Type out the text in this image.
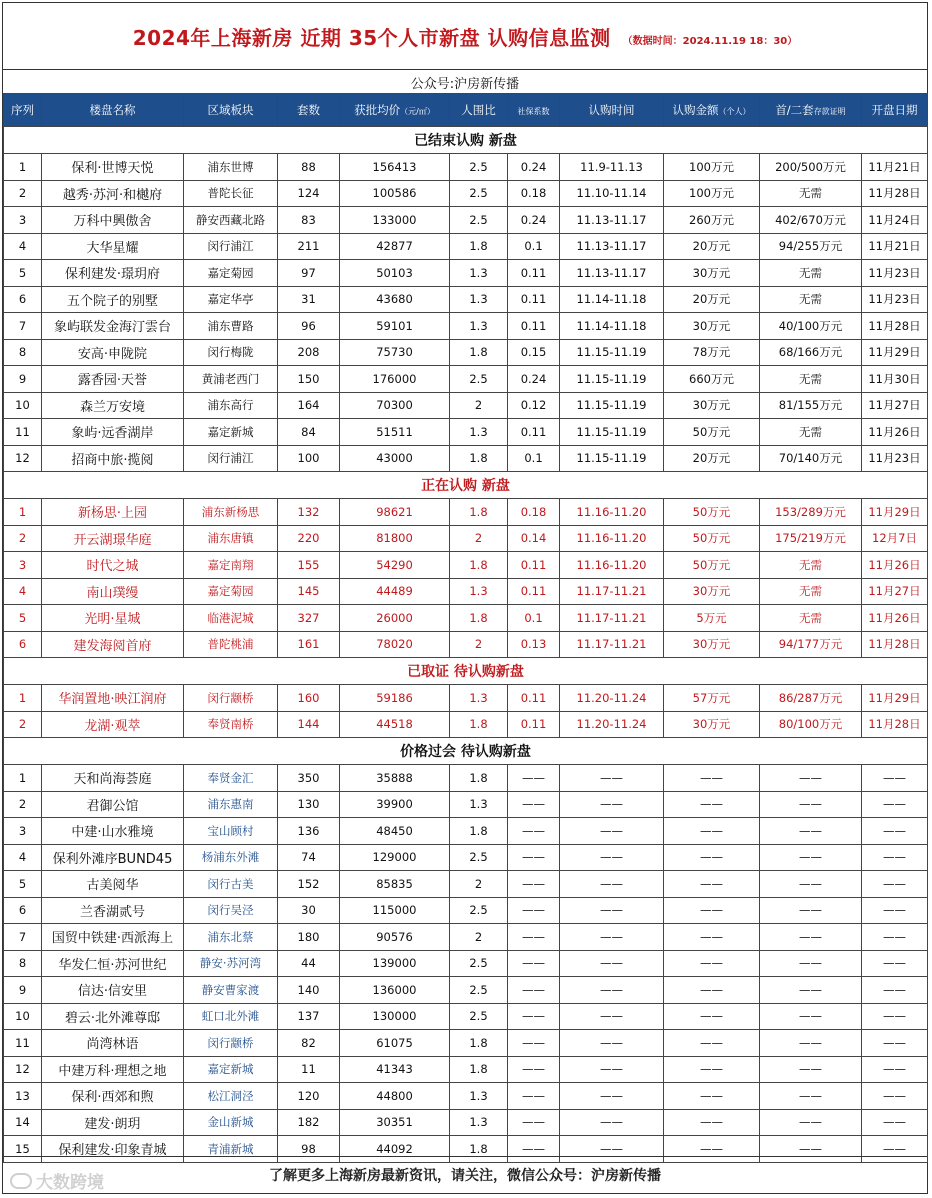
2024年上海新房 近期 35个人市新盘 认购信息监测 （数据时间：2024.11.19 18：30）
公众号:沪房新传播
序列	楼盘名称	区域板块	套数	获批均价（元/㎡）	人围比	社保系数	认购时间	认购金额（个人）	首/二套存款证明	开盘日期
已结束认购 新盘										
1	保利·世博天悦	浦东世博	88	156413	2.5	0.24	11.9-11.13	100万元	200/500万元	11月21日
2	越秀·苏河·和樾府	普陀长征	124	100586	2.5	0.18	11.10-11.14	100万元	无需	11月28日
3	万科中興傲舍	静安西藏北路	83	133000	2.5	0.24	11.13-11.17	260万元	402/670万元	11月24日
4	大华星耀	闵行浦江	211	42877	1.8	0.1	11.13-11.17	20万元	94/255万元	11月21日
5	保利建发·璟玥府	嘉定菊园	97	50103	1.3	0.11	11.13-11.17	30万元	无需	11月23日
6	五个院子的别墅	嘉定华亭	31	43680	1.3	0.11	11.14-11.18	20万元	无需	11月23日
7	象屿联发金海汀雲台	浦东曹路	96	59101	1.3	0.11	11.14-11.18	30万元	40/100万元	11月28日
8	安高·申陇院	闵行梅陇	208	75730	1.8	0.15	11.15-11.19	78万元	68/166万元	11月29日
9	露香园·天誉	黄浦老西门	150	176000	2.5	0.24	11.15-11.19	660万元	无需	11月30日
10	森兰万安境	浦东高行	164	70300	2	0.12	11.15-11.19	30万元	81/155万元	11月27日
11	象屿·远香湖岸	嘉定新城	84	51511	1.3	0.11	11.15-11.19	50万元	无需	11月26日
12	招商中旅·揽阅	闵行浦江	100	43000	1.8	0.1	11.15-11.19	20万元	70/140万元	11月23日
正在认购 新盘										
1	新杨思·上园	浦东新杨思	132	98621	1.8	0.18	11.16-11.20	50万元	153/289万元	11月29日
2	开云湖璟华庭	浦东唐镇	220	81800	2	0.14	11.16-11.20	50万元	175/219万元	12月7日
3	时代之城	嘉定南翔	155	54290	1.8	0.11	11.16-11.20	50万元	无需	11月26日
4	南山璞缦	嘉定菊园	145	44489	1.3	0.11	11.17-11.21	30万元	无需	11月27日
5	光明·星城	临港泥城	327	26000	1.8	0.1	11.17-11.21	5万元	无需	11月26日
6	建发海阅首府	普陀桃浦	161	78020	2	0.13	11.17-11.21	30万元	94/177万元	11月28日
已取证 待认购新盘										
1	华润置地·映江润府	闵行颛桥	160	59186	1.3	0.11	11.20-11.24	57万元	86/287万元	11月29日
2	龙湖·观萃	奉贤南桥	144	44518	1.8	0.11	11.20-11.24	30万元	80/100万元	11月28日
价格过会 待认购新盘										
1	天和尚海荟庭	奉贤金汇	350	35888	1.8	——	——	——	——	——
2	君御公馆	浦东惠南	130	39900	1.3	——	——	——	——	——
3	中建·山水雅境	宝山顾村	136	48450	1.8	——	——	——	——	——
4	保利外滩序BUND45	杨浦东外滩	74	129000	2.5	——	——	——	——	——
5	古美阅华	闵行古美	152	85835	2	——	——	——	——	——
6	兰香湖贰号	闵行吴泾	30	115000	2.5	——	——	——	——	——
7	国贸中铁建·西派海上	浦东北蔡	180	90576	2	——	——	——	——	——
8	华发仁恒·苏河世纪	静安·苏河湾	44	139000	2.5	——	——	——	——	——
9	信达·信安里	静安曹家渡	140	136000	2.5	——	——	——	——	——
10	碧云·北外滩尊邸	虹口北外滩	137	130000	2.5	——	——	——	——	——
11	尚湾林语	闵行颛桥	82	61075	1.8	——	——	——	——	——
12	中建万科·理想之地	嘉定新城	11	41343	1.8	——	——	——	——	——
13	保利·西郊和煦	松江洞泾	120	44800	1.3	——	——	——	——	——
14	建发·朗玥	金山新城	182	30351	1.3	——	——	——	——	——
15	保利建发·印象青城	青浦新城	98	44092	1.8	——	——	——	——	——
了解更多上海新房最新资讯，请关注，微信公众号：沪房新传播
大数跨境
